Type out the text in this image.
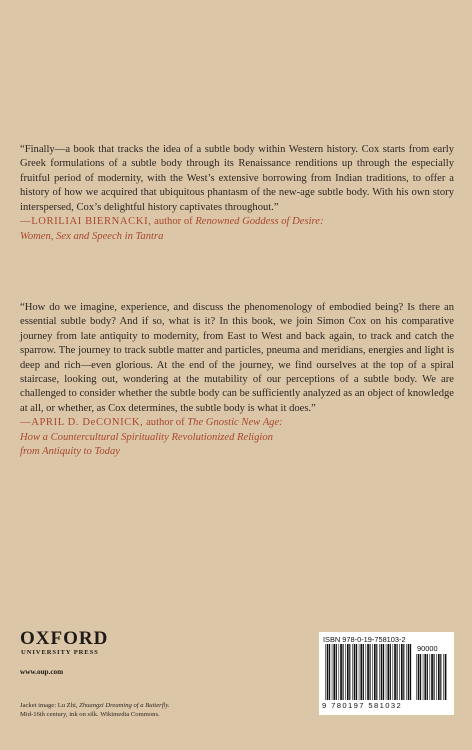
“Finally—a book that tracks the idea of a subtle body within Western history. Cox starts from early Greek formulations of a subtle body through its Renaissance renditions up through the especially fruitful period of modernity, with the West’s extensive borrowing from Indian traditions, to offer a history of how we acquired that ubiquitous phantasm of the new-age subtle body. With his own story interspersed, Cox’s delightful history captivates throughout.”
—LORILIAI BIERNACKI, author of Renowned Goddess of Desire:
Women, Sex and Speech in Tantra
“How do we imagine, experience, and discuss the phenomenology of embodied being? Is there an essential subtle body? And if so, what is it? In this book, we join Simon Cox on his comparative journey from late antiquity to modernity, from East to West and back again, to track and catch the sparrow. The journey to track subtle matter and particles, pneuma and meridians, energies and light is deep and rich—even glorious. At the end of the journey, we find ourselves at the top of a spiral staircase, looking out, wondering at the mutability of our perceptions of a subtle body. We are challenged to consider whether the subtle body can be sufficiently analyzed as an object of knowledge at all, or whether, as Cox determines, the subtle body is what it does.”
—APRIL D. DeCONICK, author of The Gnostic New Age:
How a Countercultural Spirituality Revolutionized Religion
from Antiquity to Today
OXFORD
UNIVERSITY PRESS
www.oup.com
Jacket image: Lu Zhi, Zhuangzi Dreaming of a Butterfly.
Mid-16th century, ink on silk. Wikimedia Commons.
ISBN 978-0-19-758103-2
90000
9 780197 581032
